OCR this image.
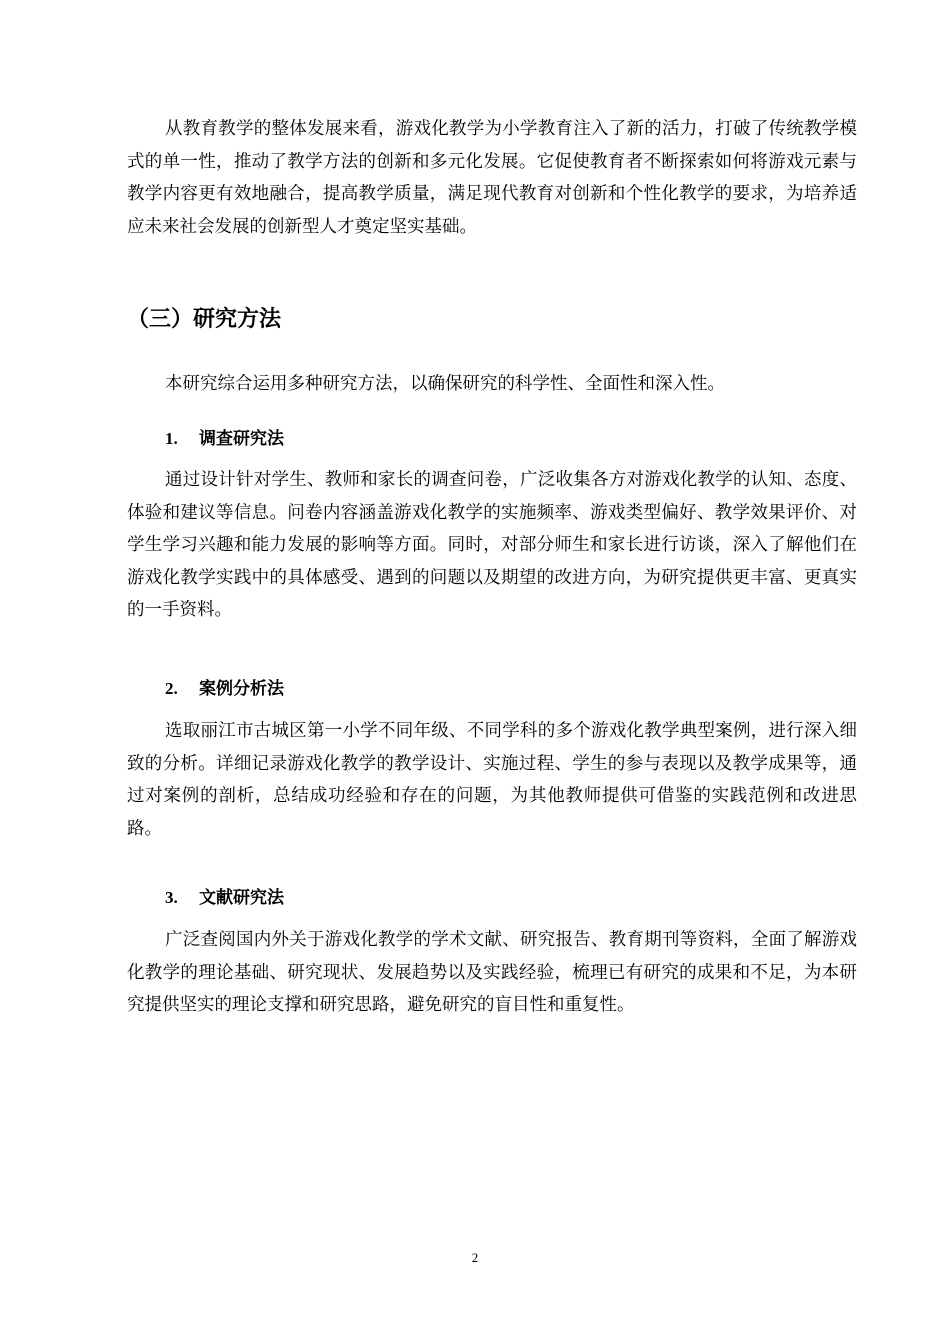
从教育教学的整体发展来看，游戏化教学为小学教育注入了新的活力，打破了传统教学模式的单一性，推动了教学方法的创新和多元化发展。它促使教育者不断探索如何将游戏元素与教学内容更有效地融合，提高教学质量，满足现代教育对创新和个性化教学的要求，为培养适应未来社会发展的创新型人才奠定坚实基础。

（三）研究方法

本研究综合运用多种研究方法，以确保研究的科学性、全面性和深入性。

1. 调查研究法

通过设计针对学生、教师和家长的调查问卷，广泛收集各方对游戏化教学的认知、态度、体验和建议等信息。问卷内容涵盖游戏化教学的实施频率、游戏类型偏好、教学效果评价、对学生学习兴趣和能力发展的影响等方面。同时，对部分师生和家长进行访谈，深入了解他们在游戏化教学实践中的具体感受、遇到的问题以及期望的改进方向，为研究提供更丰富、更真实的一手资料。

2. 案例分析法

选取丽江市古城区第一小学不同年级、不同学科的多个游戏化教学典型案例，进行深入细致的分析。详细记录游戏化教学的教学设计、实施过程、学生的参与表现以及教学成果等，通过对案例的剖析，总结成功经验和存在的问题，为其他教师提供可借鉴的实践范例和改进思路。

3. 文献研究法

广泛查阅国内外关于游戏化教学的学术文献、研究报告、教育期刊等资料，全面了解游戏化教学的理论基础、研究现状、发展趋势以及实践经验，梳理已有研究的成果和不足，为本研究提供坚实的理论支撑和研究思路，避免研究的盲目性和重复性。

2
